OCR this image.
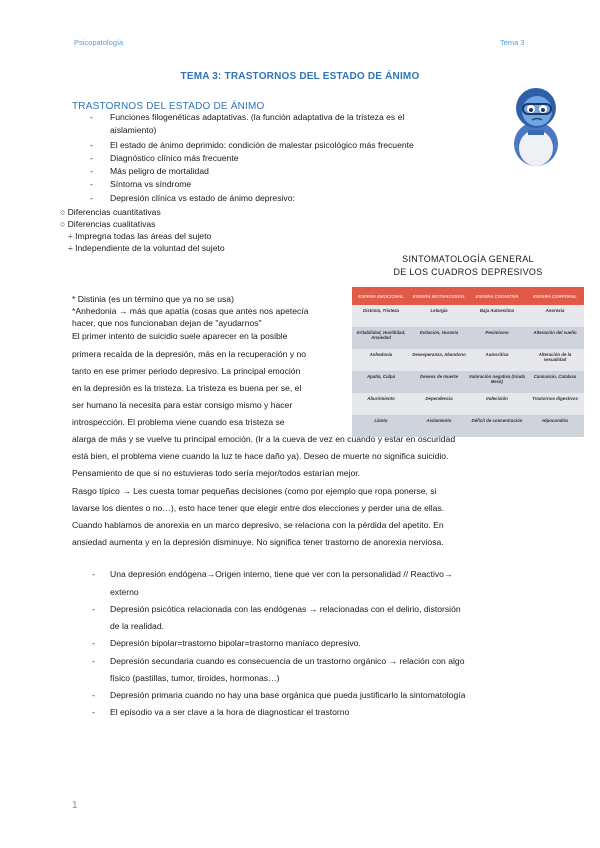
Psicopatología	Tema 3
TEMA 3: TRASTORNOS DEL ESTADO DE ÁNIMO
TRASTORNOS DEL ESTADO DE ÁNIMO
Funciones filogenéticas adaptativas. (la función adaptativa de la tristeza es el
aislamiento)
El estado de ánimo deprimido: condición de malestar psicológico más frecuente
Diagnóstico clínico más frecuente
Más peligro de mortalidad
Síntoma vs síndrome
Depresión clínica vs estado de ánimo depresivo:
○ Diferencias cuantitativas
○ Diferencias cualitativas
÷ Impregna todas las áreas del sujeto
÷ Independiente de la voluntad del sujeto
SINTOMATOLOGÍA GENERAL
DE LOS CUADROS DEPRESIVOS
ESFERA EMOCIONAL	ESFERA MOTIVACIONAL	ESFERA COGNITIVA	ESFERA CORPORAL
Distimia, Tristeza	Letargia	Baja Autoestima	Anorexia
Irritabilidad, Hostilidad, Ansiedad	Evitación, Huranía	Pesimismo	Alteración del sueño
Anhedonia	Desesperanza, Abandono	Autocrítica	Alteración de la sexualidad
Apatía, Culpa	Deseos de muerte	Valoración negativa (triada Beck)	Cansancio, Catalasa
Aburrimiento	Dependencia	Indecisión	Trastornos digestivos
Llanto	Aislamiento	Déficit de concentración	Hipocondría
* Distinia (es un término que ya no se usa)
*Anhedonia → más que apatía (cosas que antes nos apetecía
hacer, que nos funcionaban dejan de "ayudarnos"
El primer intento de suicidio suele aparecer en la posible
primera recaída de la depresión, más en la recuperación y no
tanto en ese primer periodo depresivo. La principal emoción
en la depresión es la tristeza. La tristeza es buena per se, el
ser humano la necesita para estar consigo mismo y hacer
introspección. El problema viene cuando esa tristeza se
alarga de más y se vuelve tu principal emoción. (Ir a la cueva de vez en cuando y estar en oscuridad
está bien, el problema viene cuando la luz te hace daño ya). Deseo de muerte no significa suicidio.
Pensamiento de que si no estuvieras todo sería mejor/todos estarían mejor.
Rasgo típico → Les cuesta tomar pequeñas decisiones (como por ejemplo que ropa ponerse, si
lavarse los dientes o no…), esto hace tener que elegir entre dos elecciones y perder una de ellas.
Cuando hablamos de anorexia en un marco depresivo, se relaciona con la pérdida del apetito. En
ansiedad aumenta y en la depresión disminuye. No significa tener trastorno de anorexia nerviosa.
- Una depresión endógena→Origen interno, tiene que ver con la personalidad // Reactivo→
externo
- Depresión psicótica relacionada con las endógenas → relacionadas con el delirio, distorsión
de la realidad.
- Depresión bipolar=trastorno bipolar=trastorno maníaco depresivo.
- Depresión secundaria cuando es consecuencia de un trastorno orgánico → relación con algo
físico (pastillas, tumor, tiroides, hormonas…)
- Depresión primaria cuando no hay una base orgánica que pueda justificarlo la sintomatología
- El episodio va a ser clave a la hora de diagnosticar el trastorno
1
